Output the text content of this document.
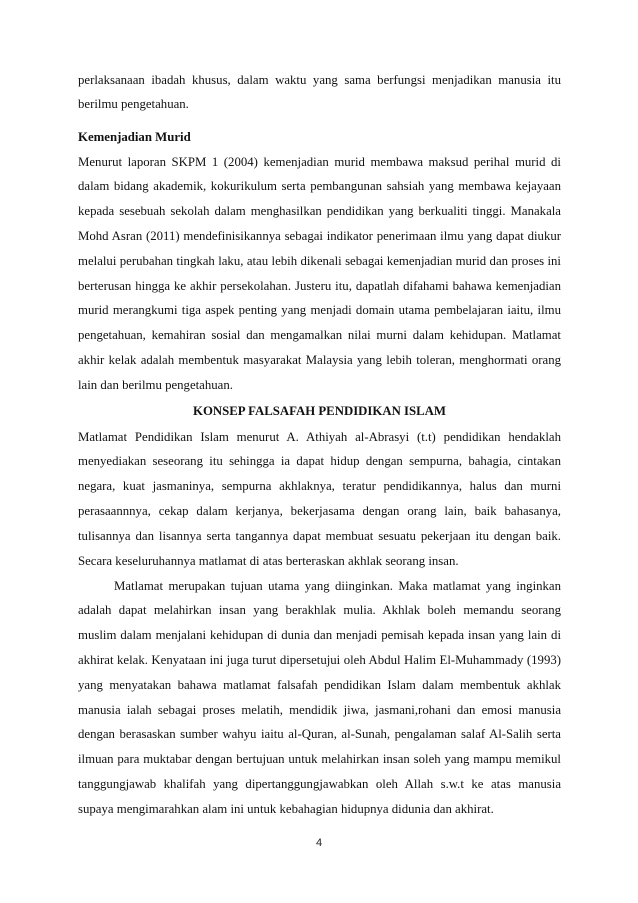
perlaksanaan ibadah khusus, dalam waktu yang sama berfungsi menjadikan manusia itu
berilmu pengetahuan.
Kemenjadian Murid
Menurut laporan SKPM 1 (2004) kemenjadian murid membawa maksud perihal murid di
dalam bidang akademik, kokurikulum serta pembangunan sahsiah yang membawa kejayaan
kepada sesebuah sekolah dalam menghasilkan pendidikan yang berkualiti tinggi. Manakala
Mohd Asran (2011) mendefinisikannya sebagai indikator penerimaan ilmu yang dapat diukur
melalui perubahan tingkah laku, atau lebih dikenali sebagai kemenjadian murid dan proses ini
berterusan hingga ke akhir persekolahan. Justeru itu, dapatlah difahami bahawa kemenjadian
murid merangkumi tiga aspek penting yang menjadi domain utama pembelajaran iaitu, ilmu
pengetahuan, kemahiran sosial dan mengamalkan nilai murni dalam kehidupan. Matlamat
akhir kelak adalah membentuk masyarakat Malaysia yang lebih toleran, menghormati orang
lain dan berilmu pengetahuan.
KONSEP FALSAFAH PENDIDIKAN ISLAM
Matlamat Pendidikan Islam menurut A. Athiyah al-Abrasyi (t.t) pendidikan hendaklah
menyediakan seseorang itu sehingga ia dapat hidup dengan sempurna, bahagia, cintakan
negara, kuat jasmaninya, sempurna akhlaknya, teratur pendidikannya, halus dan murni
perasaannnya, cekap dalam kerjanya, bekerjasama dengan orang lain, baik bahasanya,
tulisannya dan lisannya serta tangannya dapat membuat sesuatu pekerjaan itu dengan baik.
Secara keseluruhannya matlamat di atas berteraskan akhlak seorang insan.
Matlamat merupakan tujuan utama yang diinginkan. Maka matlamat yang inginkan
adalah dapat melahirkan insan yang berakhlak mulia. Akhlak boleh memandu seorang
muslim dalam menjalani kehidupan di dunia dan menjadi pemisah kepada insan yang lain di
akhirat kelak. Kenyataan ini juga turut dipersetujui oleh Abdul Halim El-Muhammady (1993)
yang menyatakan bahawa matlamat falsafah pendidikan Islam dalam membentuk akhlak
manusia ialah sebagai proses melatih, mendidik jiwa, jasmani,rohani dan emosi manusia
dengan berasaskan sumber wahyu iaitu al-Quran, al-Sunah, pengalaman salaf Al-Salih serta
ilmuan para muktabar dengan bertujuan untuk melahirkan insan soleh yang mampu memikul
tanggungjawab khalifah yang dipertanggungjawabkan oleh Allah s.w.t ke atas manusia
supaya mengimarahkan alam ini untuk kebahagian hidupnya didunia dan akhirat.
4
